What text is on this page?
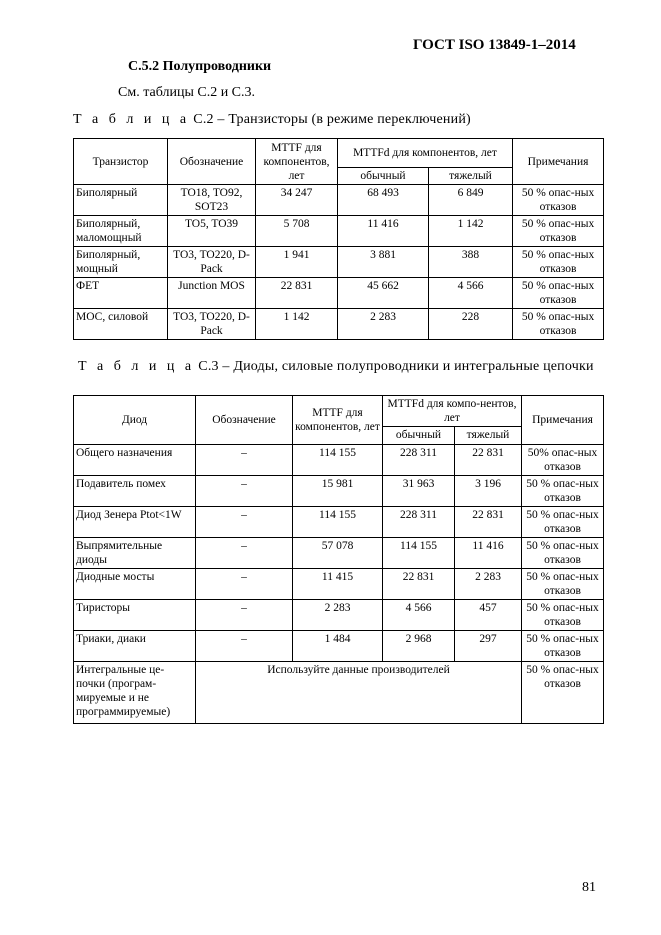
ГОСТ ISO 13849-1–2014
С.5.2 Полупроводники
См. таблицы С.2 и С.3.
Т а б л и ц а С.2 – Транзисторы (в режиме переключений)
Транзистор	Обозначение	МТТF для компонентов, лет	МТТFd для компонентов, лет		Примечания
			обычный	тяжелый	
Биполярный	TO18, TO92, SOT23	34 247	68 493	6 849	50 % опас-ных отказов
Биполярный, маломощный	TO5, TO39	5 708	11 416	1 142	50 % опас-ных отказов
Биполярный, мощный	TO3, TO220, D-Pack	1 941	3 881	388	50 % опас-ных отказов
ФЕТ	Junction MOS	22 831	45 662	4 566	50 % опас-ных отказов
МОС, силовой	TO3, TO220, D-Pack	1 142	2 283	228	50 % опас-ных отказов
Т а б л и ц а С.3 – Диоды, силовые полупроводники и интегральные цепочки
Диод	Обозначение	МТТF для компонентов, лет	МТТFd для компо-нентов, лет		Примечания
			обычный	тяжелый	
Общего назначения	–	114 155	228 311	22 831	50% опас-ных отказов
Подавитель помех	–	15 981	31 963	3 196	50 % опас-ных отказов
Диод Зенера Ptot<1W	–	114 155	228 311	22 831	50 % опас-ных отказов
Выпрямительные диоды	–	57 078	114 155	11 416	50 % опас-ных отказов
Диодные мосты	–	11 415	22 831	2 283	50 % опас-ных отказов
Тиристоры	–	2 283	4 566	457	50 % опас-ных отказов
Триаки, диаки	–	1 484	2 968	297	50 % опас-ных отказов
Интегральные це-почки (програм-мируемые и не программируемые)	Используйте данные производителей				50 % опас-ных отказов
81
